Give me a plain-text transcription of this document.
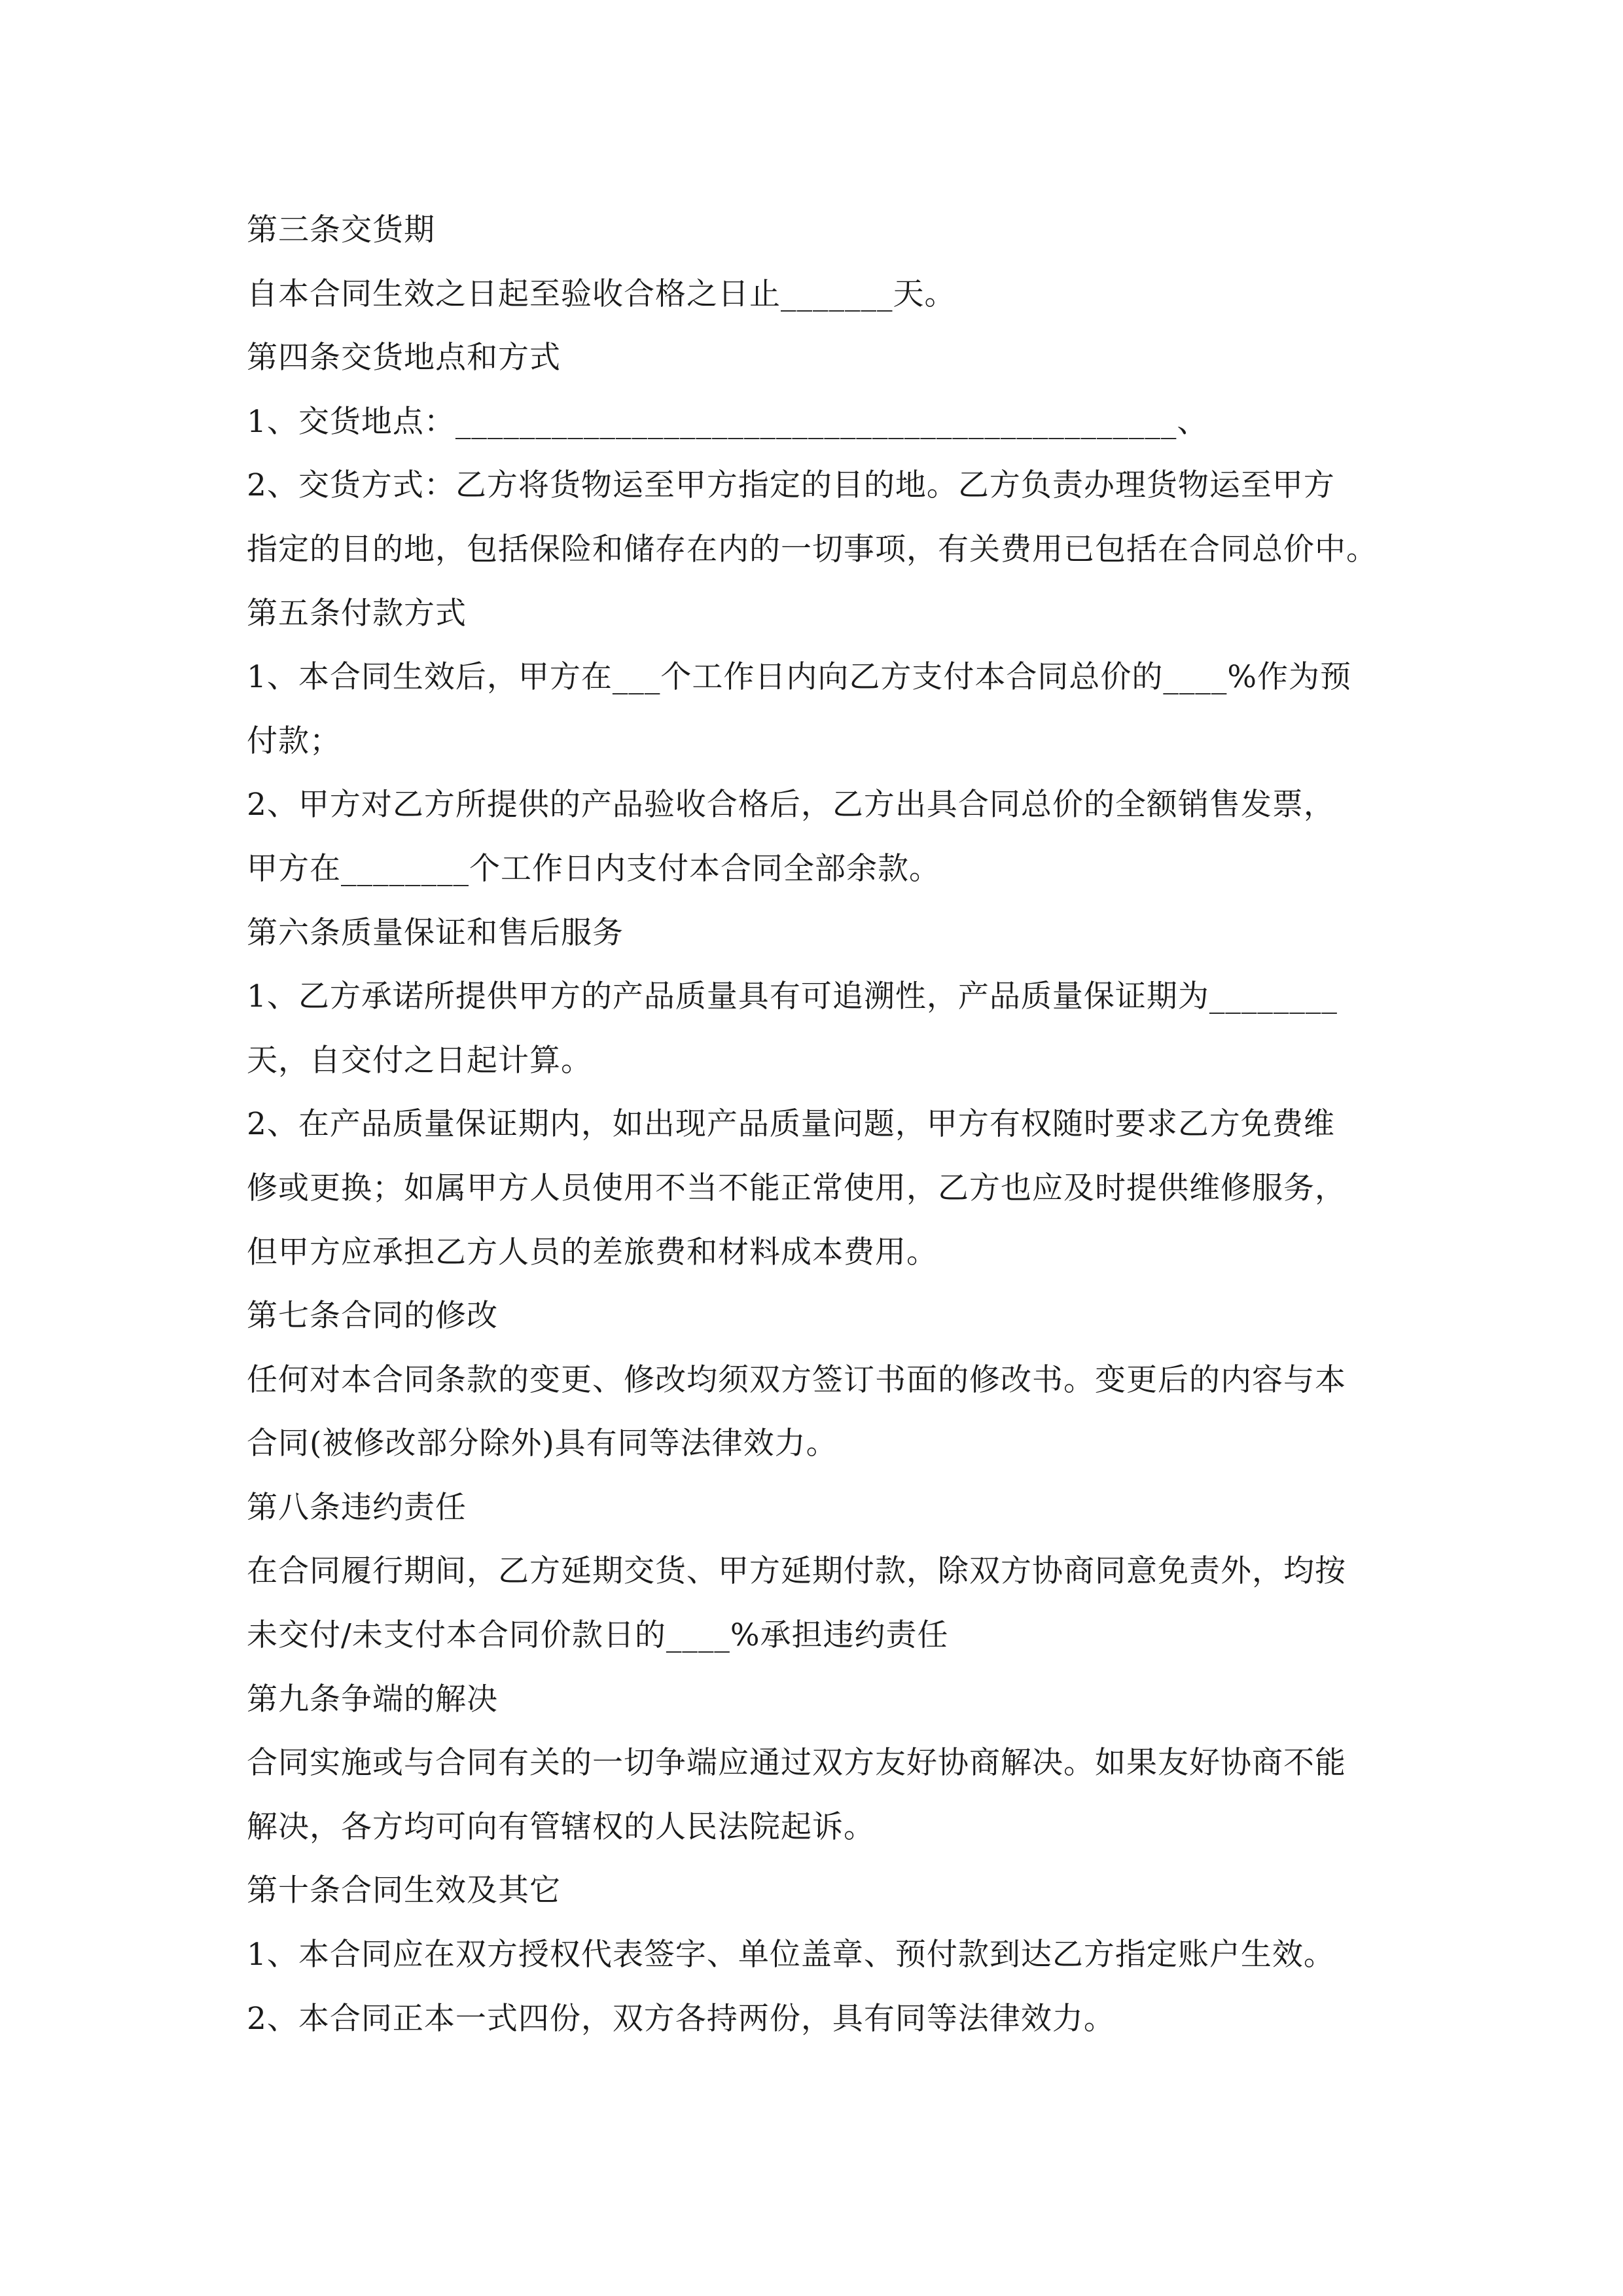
第三条交货期
自本合同生效之日起至验收合格之日止_______天。
第四条交货地点和方式
1、交货地点：_____________________________________________、
2、交货方式：乙方将货物运至甲方指定的目的地。乙方负责办理货物运至甲方
指定的目的地，包括保险和储存在内的一切事项，有关费用已包括在合同总价中。
第五条付款方式
1、本合同生效后，甲方在___个工作日内向乙方支付本合同总价的____%作为预
付款；
2、甲方对乙方所提供的产品验收合格后，乙方出具合同总价的全额销售发票，
甲方在________个工作日内支付本合同全部余款。
第六条质量保证和售后服务
1、乙方承诺所提供甲方的产品质量具有可追溯性，产品质量保证期为________
天，自交付之日起计算。
2、在产品质量保证期内，如出现产品质量问题，甲方有权随时要求乙方免费维
修或更换；如属甲方人员使用不当不能正常使用，乙方也应及时提供维修服务，
但甲方应承担乙方人员的差旅费和材料成本费用。
第七条合同的修改
任何对本合同条款的变更、修改均须双方签订书面的修改书。变更后的内容与本
合同(被修改部分除外)具有同等法律效力。
第八条违约责任
在合同履行期间，乙方延期交货、甲方延期付款，除双方协商同意免责外，均按
未交付/未支付本合同价款日的____%承担违约责任
第九条争端的解决
合同实施或与合同有关的一切争端应通过双方友好协商解决。如果友好协商不能
解决，各方均可向有管辖权的人民法院起诉。
第十条合同生效及其它
1、本合同应在双方授权代表签字、单位盖章、预付款到达乙方指定账户生效。
2、本合同正本一式四份，双方各持两份，具有同等法律效力。
